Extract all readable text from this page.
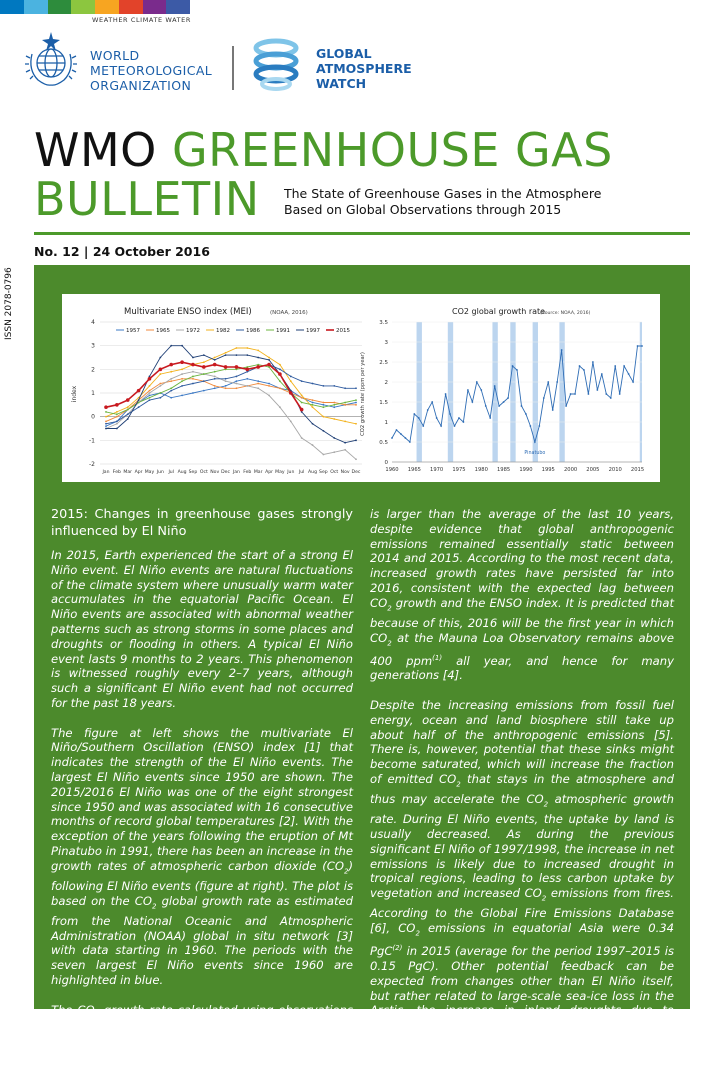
WEATHER CLIMATE WATER
WORLD
METEOROLOGICAL
ORGANIZATION
GLOBAL
ATMOSPHERE
WATCH
WMO GREENHOUSE GAS
BULLETIN The State of Greenhouse Gases in the Atmosphere
Based on Global Observations through 2015
No. 12 | 24 October 2016
ISSN 2078-0796	Multivariate ENSO index (MEI)	(NOAA, 2016)
4
3
2
1
0
-1
-2
index
Jan Feb Mar Apr May Jun Jul Aug Sep Oct Nov Dec Jan Feb Mar Apr May Jun Jul Aug Sep Oct Nov Dec
1957	1965	1972	1982	1986	1991	1997	2015
CO2 global growth rate
(Source: NOAA, 2016)
3.5
3
2.5
2
1.5
1
0.5
0
CO2 growth rate (ppm per year)
1960 1965 1970 1975 1980 1985 1990 1995 2000 2005 2010 2015
Pinatubo

2015: Changes in greenhouse gases strongly influenced by El Niño

In 2015, Earth experienced the start of a strong El Niño event. El Niño events are natural fluctuations of the climate system where unusually warm water accumulates in the equatorial Pacific Ocean. El Niño events are associated with abnormal weather patterns such as strong storms in some places and droughts or flooding in others. A typical El Niño event lasts 9 months to 2 years. This phenomenon is witnessed roughly every 2–7 years, although such a significant El Niño event had not occurred for the past 18 years.

The figure at left shows the multivariate El Niño/Southern Oscillation (ENSO) index [1] that indicates the strength of the El Niño events. The largest El Niño events since 1950 are shown. The 2015/2016 El Niño was one of the eight strongest since 1950 and was associated with 16 consecutive months of record global temperatures [2]. With the exception of the years following the eruption of Mt Pinatubo in 1991, there has been an increase in the growth rates of atmospheric carbon dioxide $(CO_2)$ following El Niño events (figure at right). The plot is based on the $CO_2$ global growth rate as estimated from the National Oceanic and Atmospheric Administration (NOAA) global in situ network [3] with data starting in 1960. The periods with the seven largest El Niño events since 1960 are highlighted in blue.

The $CO_2$ growth rate calculated using observations from the WMO Global Atmosphere Watch (GAW) Programme

is larger than the average of the last 10 years, despite evidence that global anthropogenic emissions remained essentially static between 2014 and 2015. According to the most recent data, increased growth rates have persisted far into 2016, consistent with the expected lag between $CO_2$ growth and the ENSO index. It is predicted that because of this, 2016 will be the first year in which $CO_2$ at the Mauna Loa Observatory remains above 400 ppm$^{(1)}$ all year, and hence for many generations [4].

Despite the increasing emissions from fossil fuel energy, ocean and land biosphere still take up about half of the anthropogenic emissions [5]. There is, however, potential that these sinks might become saturated, which will increase the fraction of emitted $CO_2$ that stays in the atmosphere and thus may accelerate the $CO_2$ atmospheric growth rate. During El Niño events, the uptake by land is usually decreased. As during the previous significant El Niño of 1997/1998, the increase in net emissions is likely due to increased drought in tropical regions, leading to less carbon uptake by vegetation and increased $CO_2$ emissions from fires. According to the Global Fire Emissions Database [6], $CO_2$ emissions in equatorial Asia were 0.34 PgC$^{(2)}$ in 2015 (average for the period 1997–2015 is 0.15 PgC). Other potential feedback can be expected from changes other than El Niño itself, but rather related to large-scale sea-ice loss in the Arctic, the increase in inland droughts due to warming [7], permafrost melting and changes in the thermohaline ocean circulation of which El Niño is in fact a minor modulator.
